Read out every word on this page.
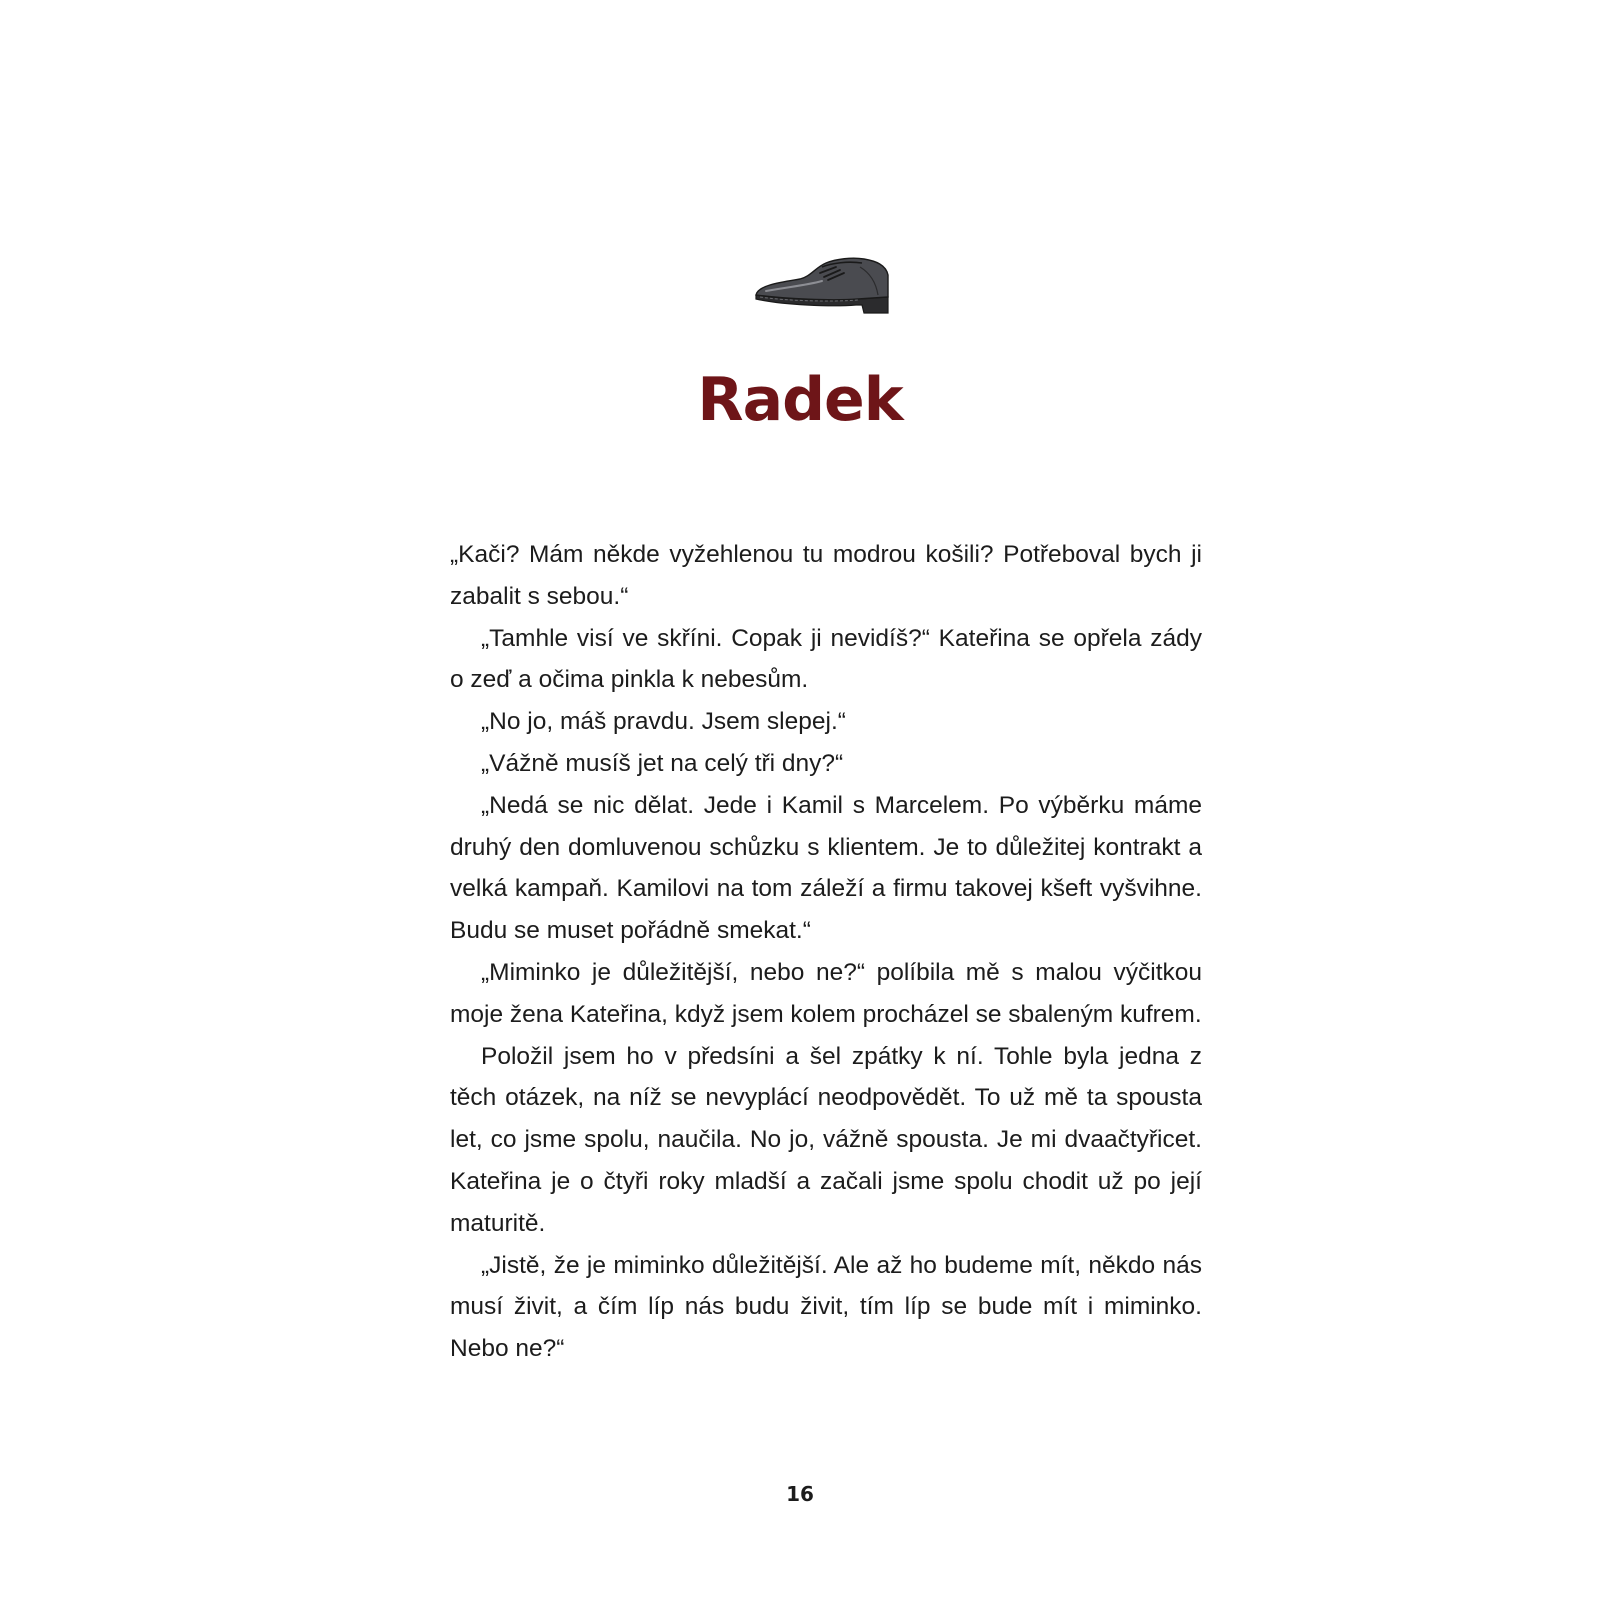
Radek

„Kači? Mám někde vyžehlenou tu modrou košili? Potřeboval bych ji zabalit s sebou.“

„Tamhle visí ve skříni. Copak ji nevidíš?“ Kateřina se opřela zády o zeď a očima pinkla k nebesům.

„No jo, máš pravdu. Jsem slepej.“

„Vážně musíš jet na celý tři dny?“

„Nedá se nic dělat. Jede i Kamil s Marcelem. Po výběrku máme druhý den domluvenou schůzku s klientem. Je to důležitej kontrakt a velká kampaň. Kamilovi na tom záleží a firmu takovej kšeft vyšvihne. Budu se muset pořádně smekat.“

„Miminko je důležitější, nebo ne?“ políbila mě s malou výčitkou moje žena Kateřina, když jsem kolem procházel se sbaleným kufrem.

Položil jsem ho v předsíni a šel zpátky k ní. Tohle byla jedna z těch otázek, na níž se nevyplácí neodpovědět. To už mě ta spousta let, co jsme spolu, naučila. No jo, vážně spousta. Je mi dvaačtyřicet. Kateřina je o čtyři roky mladší a začali jsme spolu chodit už po její maturitě.

„Jistě, že je miminko důležitější. Ale až ho budeme mít, někdo nás musí živit, a čím líp nás budu živit, tím líp se bude mít i miminko. Nebo ne?“

16
